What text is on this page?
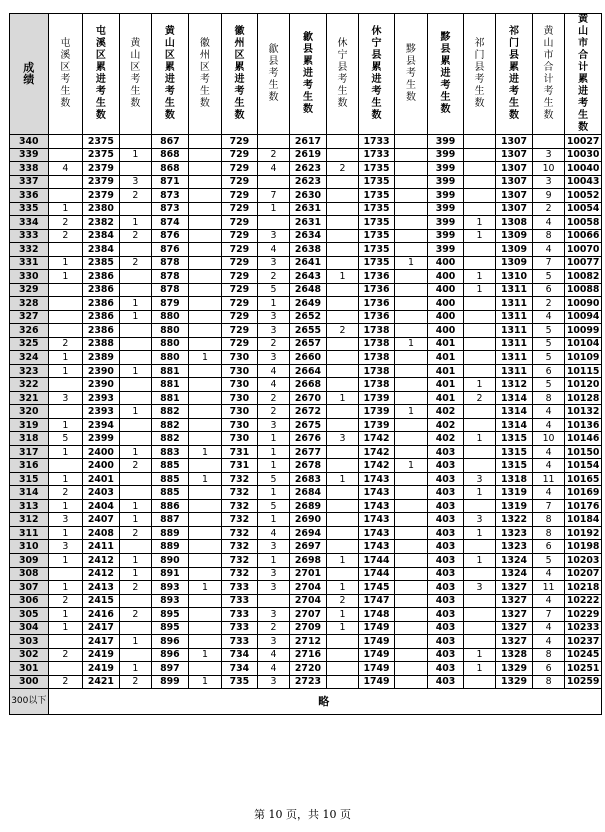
成绩	屯溪区考生数	屯溪区累进考生数	黄山区考生数	黄山区累进考生数	徽州区考生数	徽州区累进考生数	歙县考生数	歙县累进考生数	休宁县考生数	休宁县累进考生数	黟县考生数	黟县累进考生数	祁门县考生数	祁门县累进考生数	黄山市合计考生数	黄山市合计累进考生数
340		2375		867		729		2617		1733		399		1307		10027
339		2375	1	868		729	2	2619		1733		399		1307	3	10030
338	4	2379		868		729	4	2623	2	1735		399		1307	10	10040
337		2379	3	871		729		2623		1735		399		1307	3	10043
336		2379	2	873		729	7	2630		1735		399		1307	9	10052
335	1	2380		873		729	1	2631		1735		399		1307	2	10054
334	2	2382	1	874		729		2631		1735		399	1	1308	4	10058
333	2	2384	2	876		729	3	2634		1735		399	1	1309	8	10066
332		2384		876		729	4	2638		1735		399		1309	4	10070
331	1	2385	2	878		729	3	2641		1735	1	400		1309	7	10077
330	1	2386		878		729	2	2643	1	1736		400	1	1310	5	10082
329		2386		878		729	5	2648		1736		400	1	1311	6	10088
328		2386	1	879		729	1	2649		1736		400		1311	2	10090
327		2386	1	880		729	3	2652		1736		400		1311	4	10094
326		2386		880		729	3	2655	2	1738		400		1311	5	10099
325	2	2388		880		729	2	2657		1738	1	401		1311	5	10104
324	1	2389		880	1	730	3	2660		1738		401		1311	5	10109
323	1	2390	1	881		730	4	2664		1738		401		1311	6	10115
322		2390		881		730	4	2668		1738		401	1	1312	5	10120
321	3	2393		881		730	2	2670	1	1739		401	2	1314	8	10128
320		2393	1	882		730	2	2672		1739	1	402		1314	4	10132
319	1	2394		882		730	3	2675		1739		402		1314	4	10136
318	5	2399		882		730	1	2676	3	1742		402	1	1315	10	10146
317	1	2400	1	883	1	731	1	2677		1742		403		1315	4	10150
316		2400	2	885		731	1	2678		1742	1	403		1315	4	10154
315	1	2401		885	1	732	5	2683	1	1743		403	3	1318	11	10165
314	2	2403		885		732	1	2684		1743		403	1	1319	4	10169
313	1	2404	1	886		732	5	2689		1743		403		1319	7	10176
312	3	2407	1	887		732	1	2690		1743		403	3	1322	8	10184
311	1	2408	2	889		732	4	2694		1743		403	1	1323	8	10192
310	3	2411		889		732	3	2697		1743		403		1323	6	10198
309	1	2412	1	890		732	1	2698	1	1744		403	1	1324	5	10203
308		2412	1	891		732	3	2701		1744		403		1324	4	10207
307	1	2413	2	893	1	733	3	2704	1	1745		403	3	1327	11	10218
306	2	2415		893		733		2704	2	1747		403		1327	4	10222
305	1	2416	2	895		733	3	2707	1	1748		403		1327	7	10229
304	1	2417		895		733	2	2709	1	1749		403		1327	4	10233
303		2417	1	896		733	3	2712		1749		403		1327	4	10237
302	2	2419		896	1	734	4	2716		1749		403	1	1328	8	10245
301		2419	1	897		734	4	2720		1749		403	1	1329	6	10251
300	2	2421	2	899	1	735	3	2723		1749		403		1329	8	10259
300以下	略															
第 10 页，共 10 页
